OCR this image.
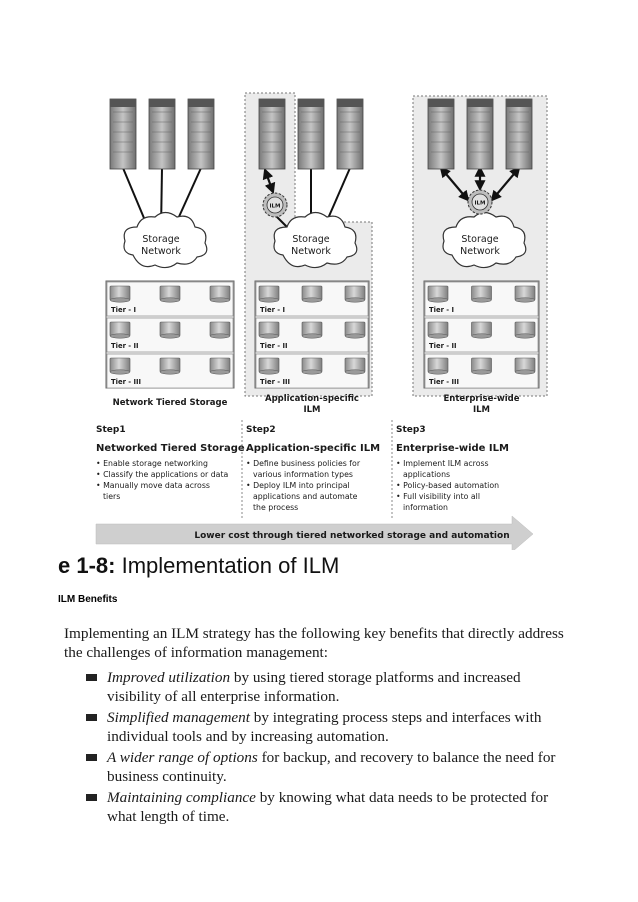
Storage
Network
Storage
Network
Storage
Network
ILM	ILM
Tier - I
Tier - II
Tier - III
Tier - I
Tier - II
Tier - III
Tier - I
Tier - II
Tier - III
Network Tiered Storage	Application-specific
ILM
Enterprise-wide
ILM
Step1
Networked Tiered Storage
• Enable storage networking
• Classify the applications or data
• Manually move data across
tiers
Step2
Application-specific ILM
• Define business policies for
various information types
• Deploy ILM into principal
applications and automate
the process
Step3
Enterprise-wide ILM
• Implement ILM across
applications
• Policy-based automation
• Full visibility into all
information
Lower cost through tiered networked storage and automation
e 1-8: Implementation of ILM
ILM Benefits

Implementing an ILM strategy has the following key benefits that directly address the challenges of information management:

Improved utilization by using tiered storage platforms and increased visibility of all enterprise information.
Simplified management by integrating process steps and interfaces with individual tools and by increasing automation.
A wider range of options for backup, and recovery to balance the need for business continuity.
Maintaining compliance by knowing what data needs to be protected for what length of time.
